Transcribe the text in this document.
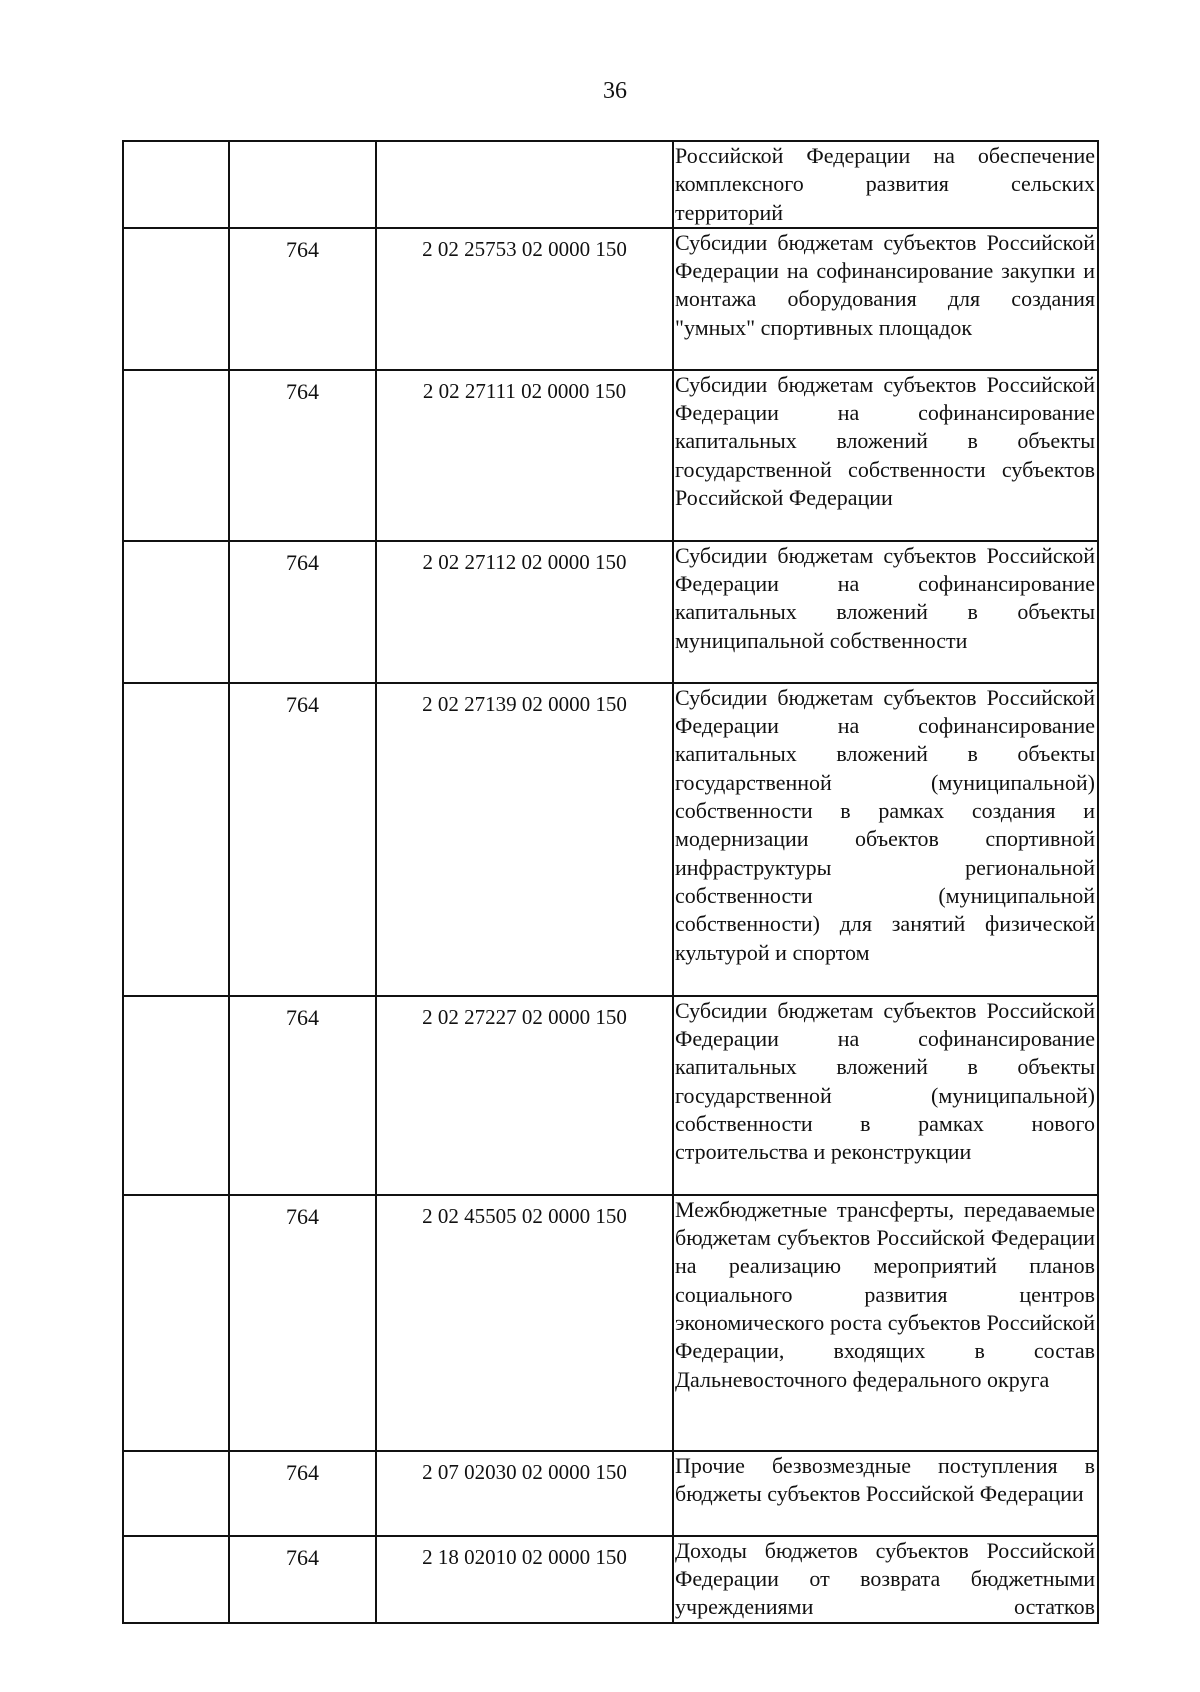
36
			Российской Федерации на обеспечение комплексного развития сельских территорий
	764	2 02 25753 02 0000 150	Субсидии бюджетам субъектов Российской Федерации на софинансирование закупки и монтажа оборудования для создания "умных" спортивных площадок
	764	2 02 27111 02 0000 150	Субсидии бюджетам субъектов Российской Федерации на софинансирование капитальных вложений в объекты государственной собственности субъектов Российской Федерации
	764	2 02 27112 02 0000 150	Субсидии бюджетам субъектов Российской Федерации на софинансирование капитальных вложений в объекты муниципальной собственности
	764	2 02 27139 02 0000 150	Субсидии бюджетам субъектов Российской Федерации на софинансирование капитальных вложений в объекты государственной (муниципальной) собственности в рамках создания и модернизации объектов спортивной инфраструктуры региональной собственности (муниципальной собственности) для занятий физической культурой и спортом
	764	2 02 27227 02 0000 150	Субсидии бюджетам субъектов Российской Федерации на софинансирование капитальных вложений в объекты государственной (муниципальной) собственности в рамках нового строительства и реконструкции
	764	2 02 45505 02 0000 150	Межбюджетные трансферты, передаваемые бюджетам субъектов Российской Федерации на реализацию мероприятий планов социального развития центров экономического роста субъектов Российской Федерации, входящих в состав Дальневосточного федерального округа
	764	2 07 02030 02 0000 150	Прочие безвозмездные поступления в бюджеты субъектов Российской Федерации
	764	2 18 02010 02 0000 150	Доходы бюджетов субъектов Российской Федерации от возврата бюджетными учреждениями остатков
